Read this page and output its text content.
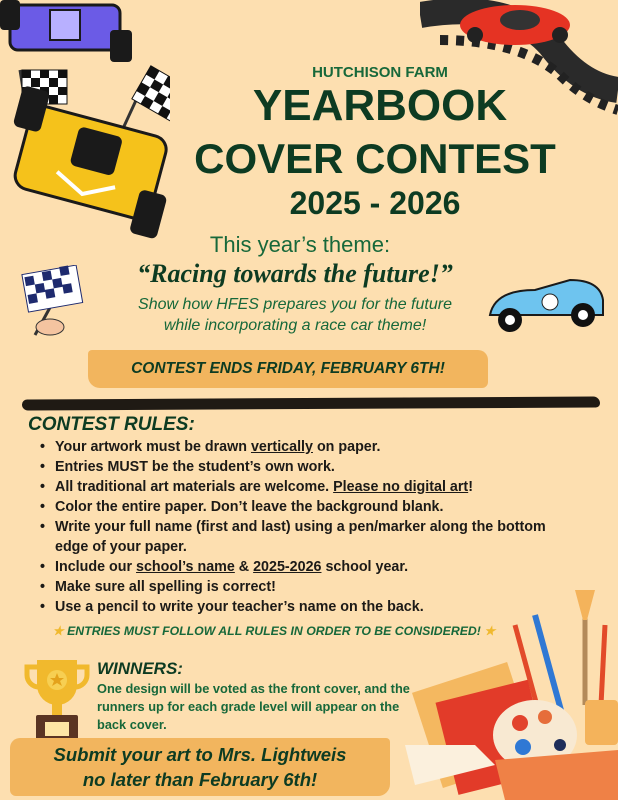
HUTCHISON FARM
YEARBOOK
COVER CONTEST
2025 - 2026
This year’s theme:
“Racing towards the future!”
Show how HFES prepares you for the future
while incorporating a race car theme!
CONTEST ENDS FRIDAY, FEBRUARY 6TH!
CONTEST RULES:
• Your artwork must be drawn vertically on paper.
• Entries MUST be the student’s own work.
• All traditional art materials are welcome. Please no digital art!
• Color the entire paper. Don’t leave the background blank.
• Write your full name (first and last) using a pen/marker along the bottom edge of your paper.
• Include our school’s name & 2025-2026 school year.
• Make sure all spelling is correct!
• Use a pencil to write your teacher’s name on the back.
★ ENTRIES MUST FOLLOW ALL RULES IN ORDER TO BE CONSIDERED! ★
WINNERS:
One design will be voted as the front cover, and the runners up for each grade level will appear on the back cover.
Submit your art to Mrs. Lightweis
no later than February 6th!
